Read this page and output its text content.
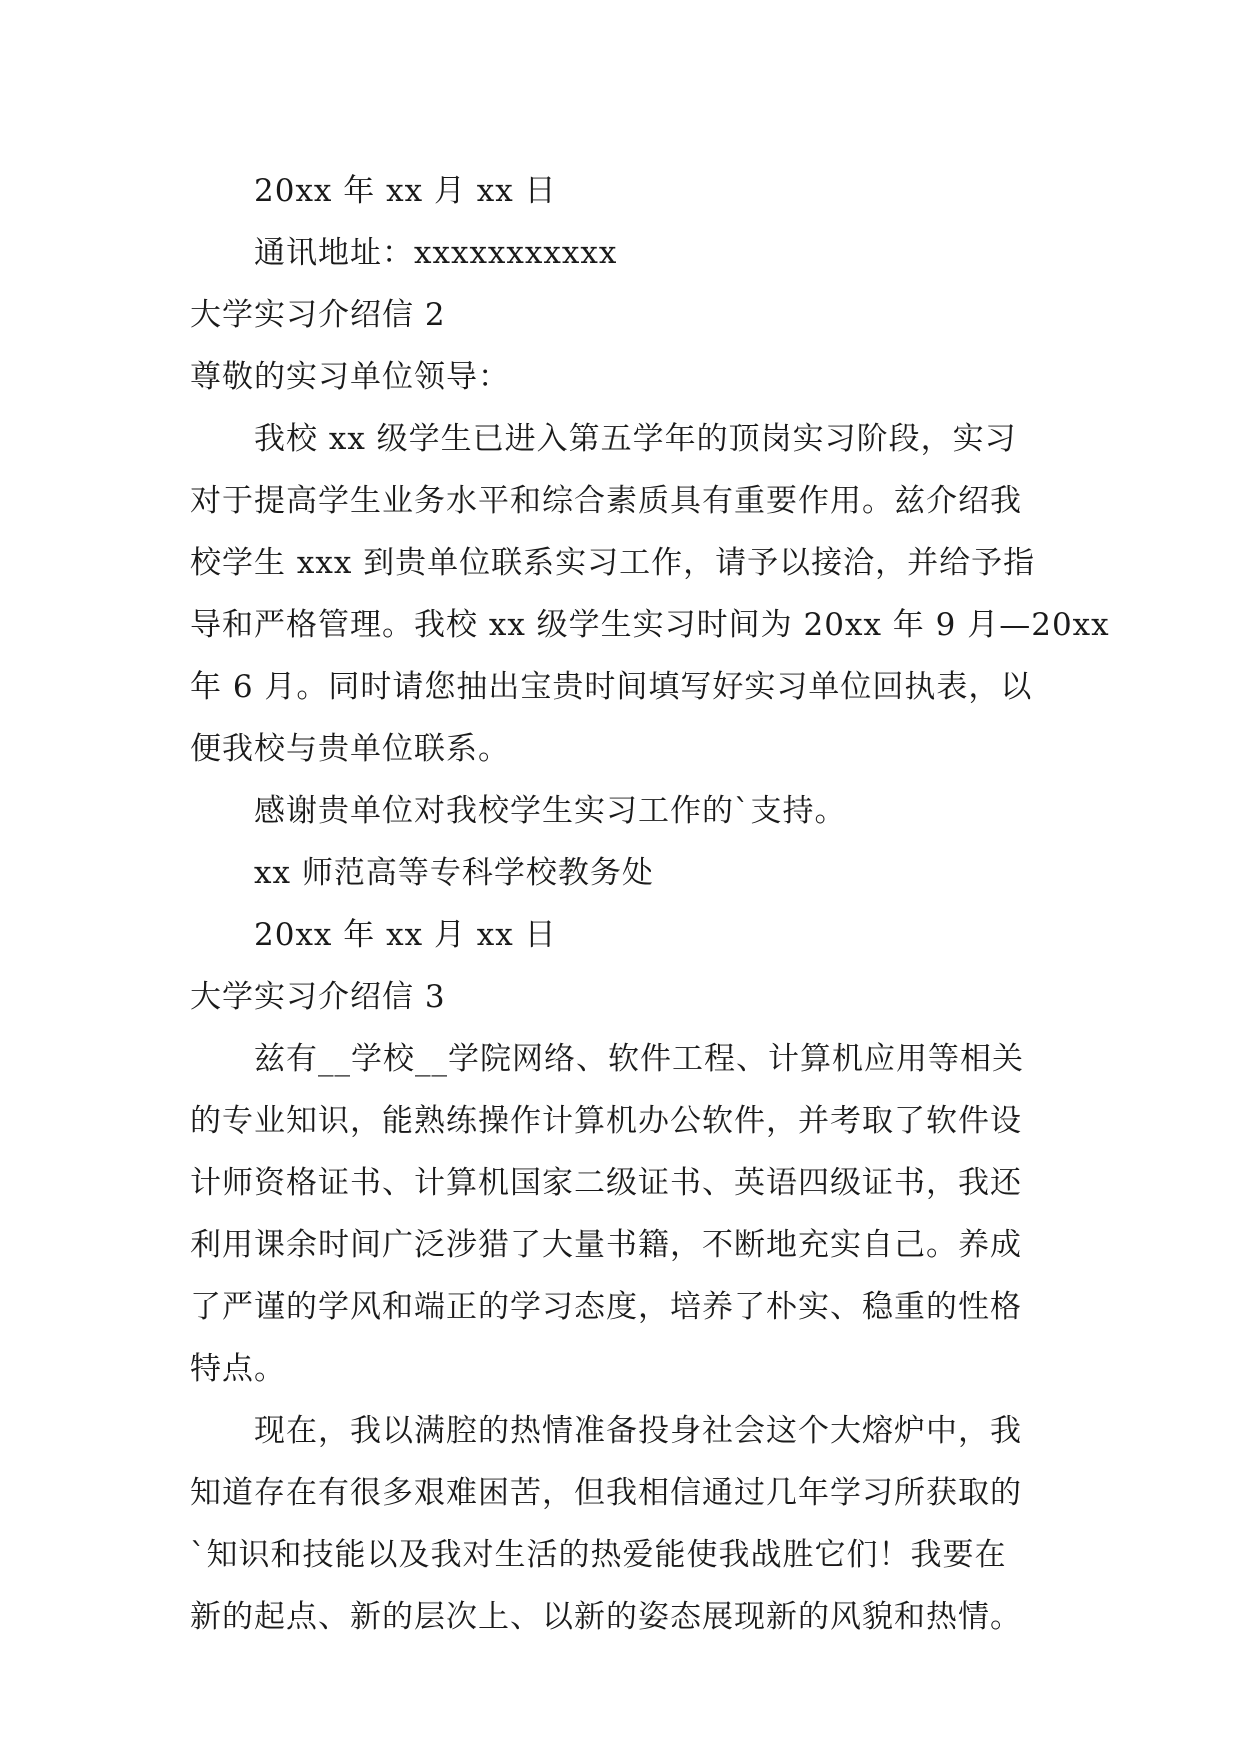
20xx 年 xx 月 xx 日
通讯地址：xxxxxxxxxxx
大学实习介绍信 2
尊敬的实习单位领导：
我校 xx 级学生已进入第五学年的顶岗实习阶段，实习
对于提高学生业务水平和综合素质具有重要作用。兹介绍我
校学生 xxx 到贵单位联系实习工作，请予以接洽，并给予指
导和严格管理。我校 xx 级学生实习时间为 20xx 年 9 月—20xx
年 6 月。同时请您抽出宝贵时间填写好实习单位回执表，以
便我校与贵单位联系。
感谢贵单位对我校学生实习工作的`支持。
xx 师范高等专科学校教务处
20xx 年 xx 月 xx 日
大学实习介绍信 3
兹有__学校__学院网络、软件工程、计算机应用等相关
的专业知识，能熟练操作计算机办公软件，并考取了软件设
计师资格证书、计算机国家二级证书、英语四级证书，我还
利用课余时间广泛涉猎了大量书籍，不断地充实自己。养成
了严谨的学风和端正的学习态度，培养了朴实、稳重的性格
特点。
现在，我以满腔的热情准备投身社会这个大熔炉中，我
知道存在有很多艰难困苦，但我相信通过几年学习所获取的
`知识和技能以及我对生活的热爱能使我战胜它们！我要在
新的起点、新的层次上、以新的姿态展现新的风貌和热情。
